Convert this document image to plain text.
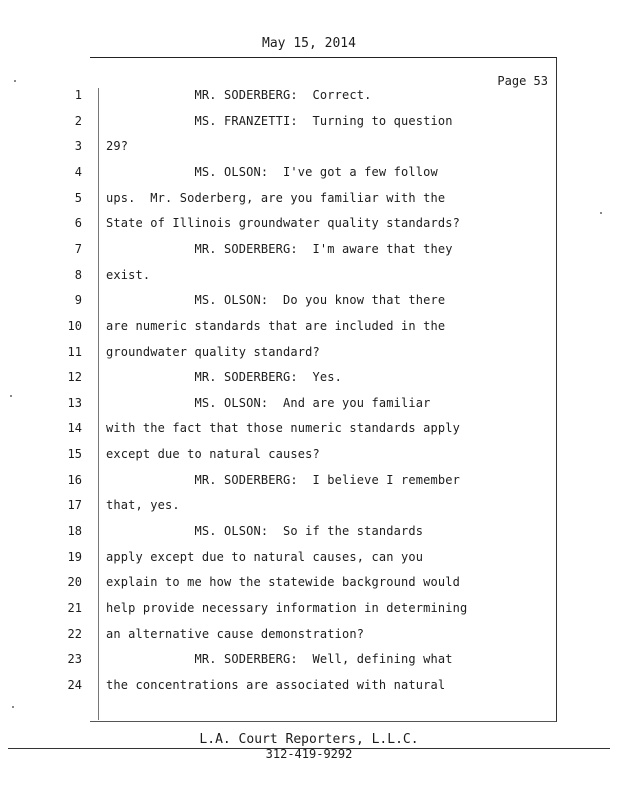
May 15, 2014
Page 53
1 MR. SODERBERG:  Correct.
2 MS. FRANZETTI:  Turning to question
3 29?
4 MS. OLSON:  I've got a few follow
5 ups.  Mr. Soderberg, are you familiar with the
6 State of Illinois groundwater quality standards?
7 MR. SODERBERG:  I'm aware that they
8 exist.
9 MS. OLSON:  Do you know that there
10 are numeric standards that are included in the
11 groundwater quality standard?
12 MR. SODERBERG:  Yes.
13 MS. OLSON:  And are you familiar
14 with the fact that those numeric standards apply
15 except due to natural causes?
16 MR. SODERBERG:  I believe I remember
17 that, yes.
18 MS. OLSON:  So if the standards
19 apply except due to natural causes, can you
20 explain to me how the statewide background would
21 help provide necessary information in determining
22 an alternative cause demonstration?
23 MR. SODERBERG:  Well, defining what
24 the concentrations are associated with natural
L.A. Court Reporters, L.L.C.
312-419-9292
